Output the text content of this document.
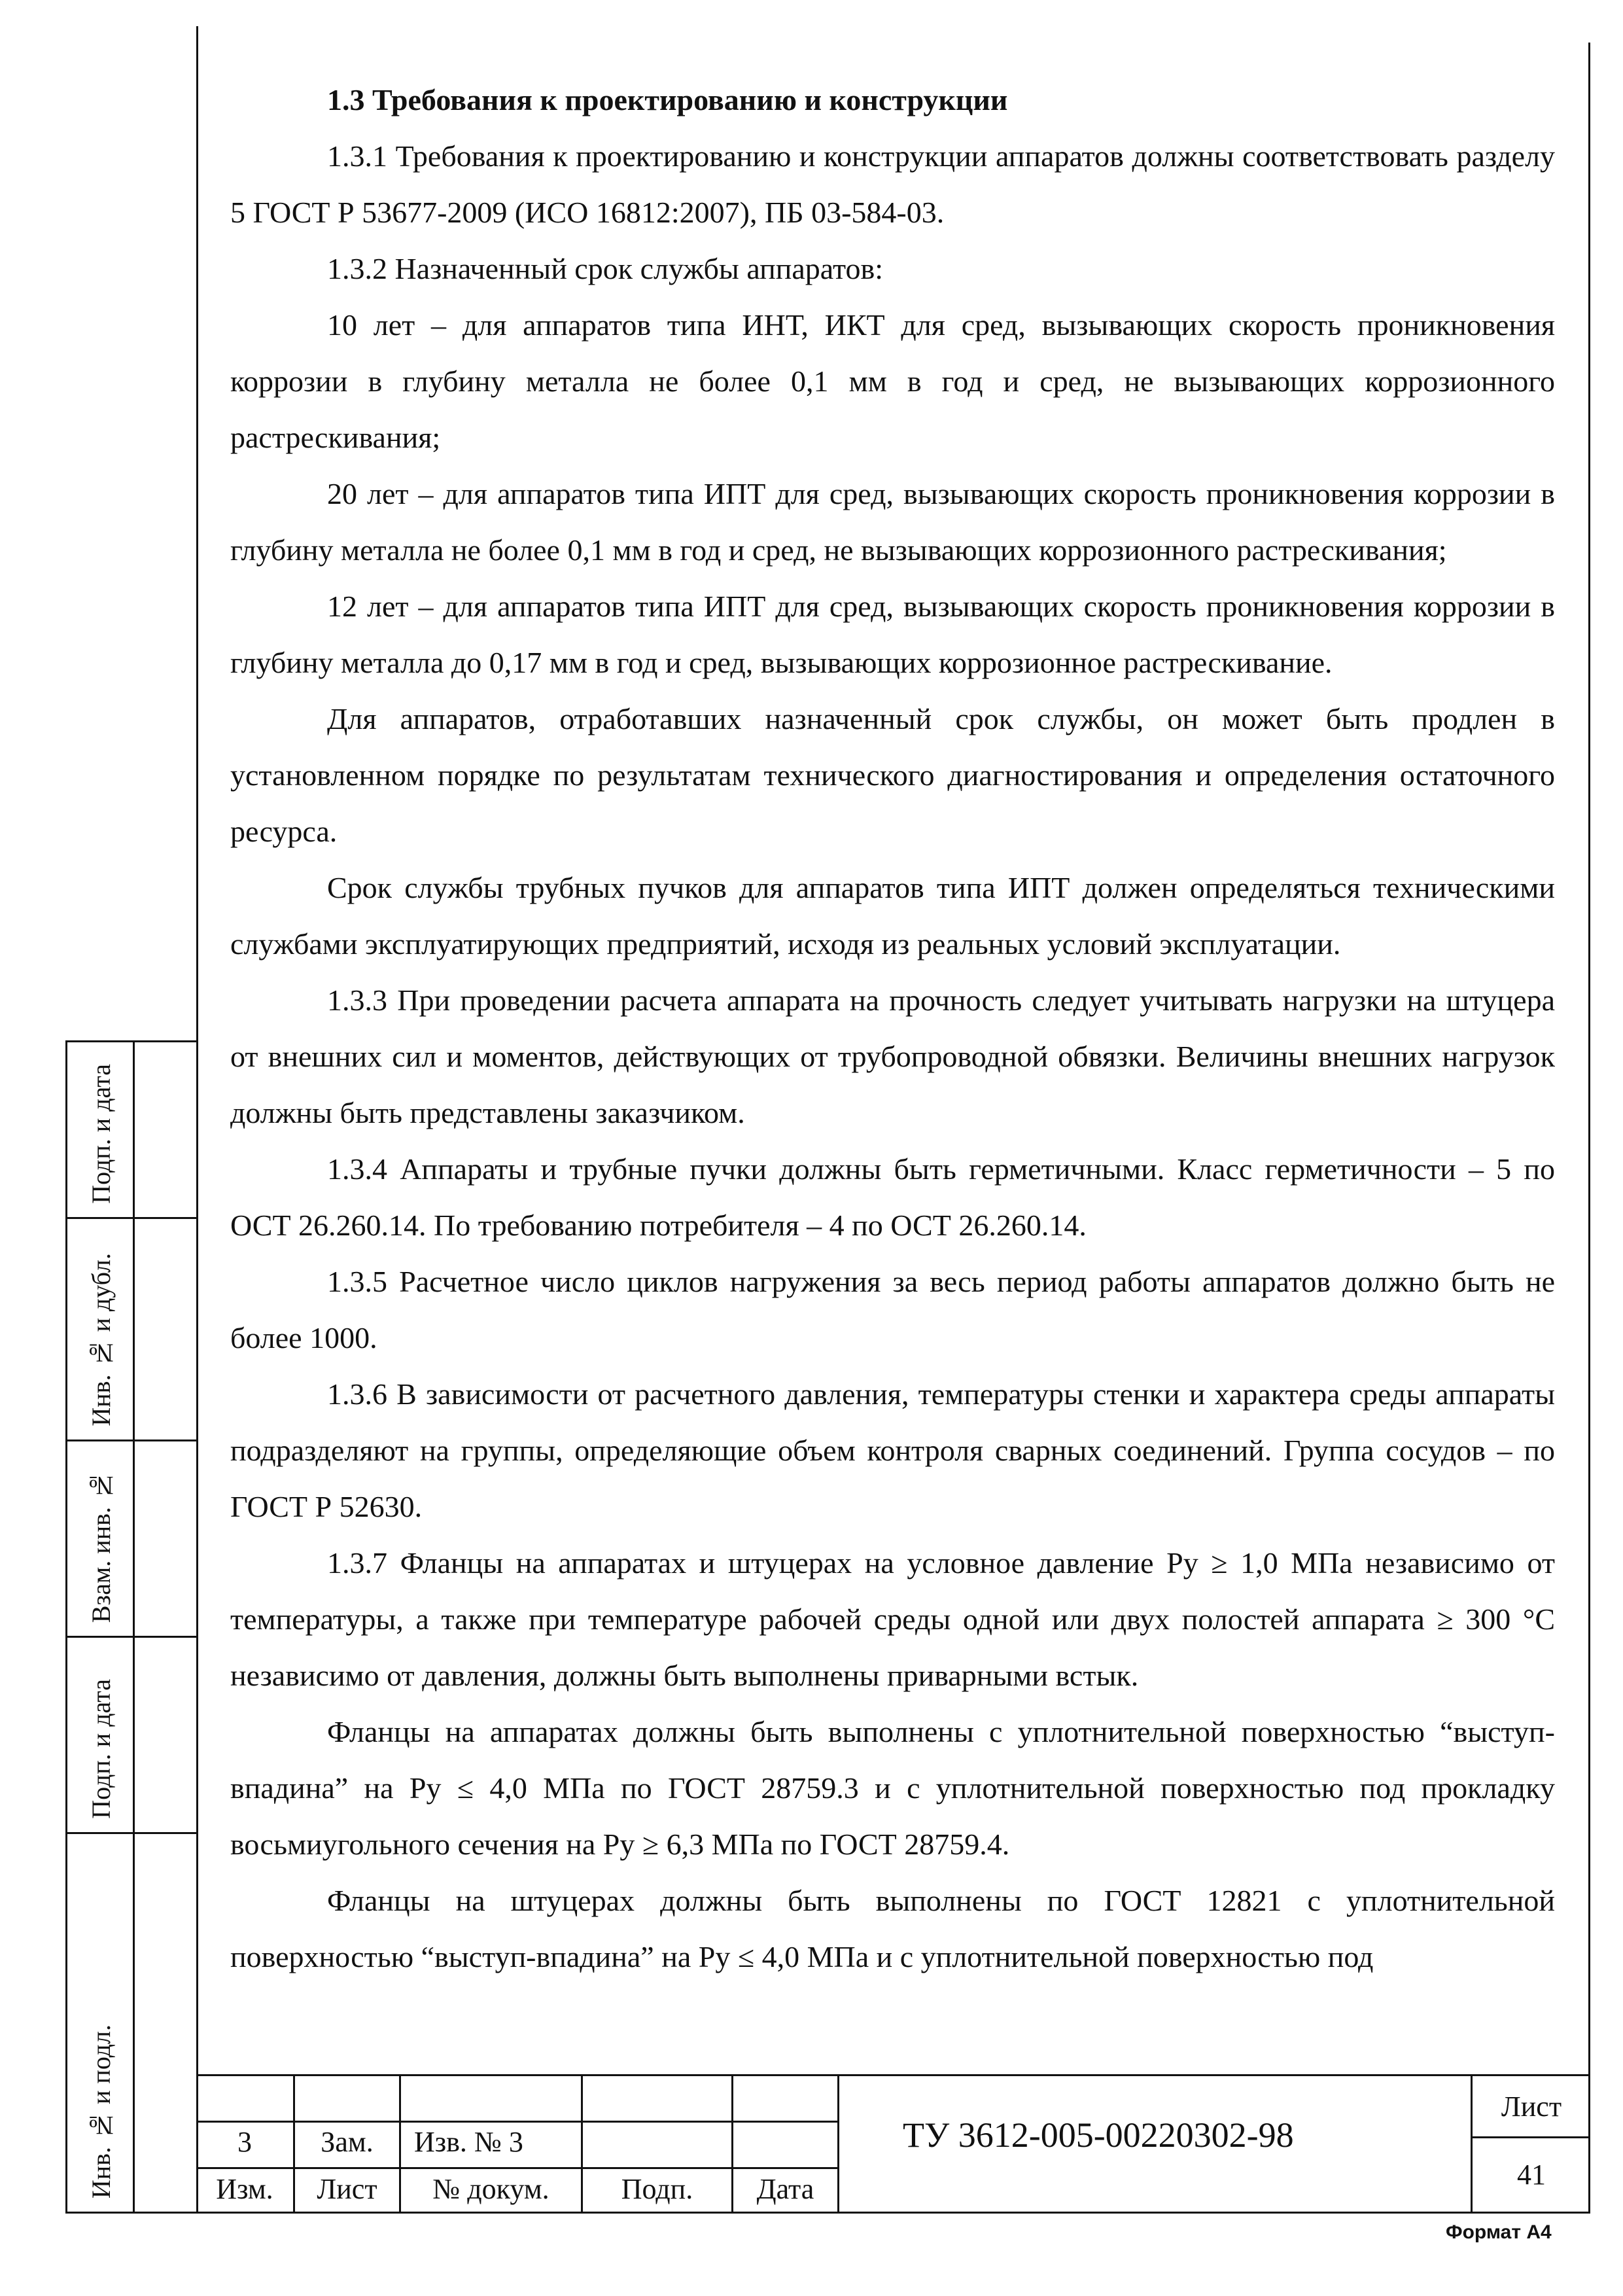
Подп. и дата
Инв. № и дубл.
Взам. инв. №
Подп. и дата
Инв. № и подл.

1.3 Требования к проектированию и конструкции

1.3.1 Требования к проектированию и конструкции аппаратов должны соответствовать разделу 5 ГОСТ Р 53677-2009 (ИСО 16812:2007), ПБ 03-584-03.

1.3.2 Назначенный срок службы аппаратов:

10 лет – для аппаратов типа ИНТ, ИКТ для сред, вызывающих скорость проникновения коррозии в глубину металла не более 0,1 мм в год и сред, не вызывающих коррозионного растрескивания;

20 лет – для аппаратов типа ИПТ для сред, вызывающих скорость проникновения коррозии в глубину металла не более 0,1 мм в год и сред, не вызывающих коррозионного растрескивания;

12 лет – для аппаратов типа ИПТ для сред, вызывающих скорость проникновения коррозии в глубину металла до 0,17 мм в год и сред, вызывающих коррозионное растрескивание.

Для аппаратов, отработавших назначенный срок службы, он может быть продлен в установленном порядке по результатам технического диагностирования и определения остаточного ресурса.

Срок службы трубных пучков для аппаратов типа ИПТ должен определяться техническими службами эксплуатирующих предприятий, исходя из реальных условий эксплуатации.

1.3.3 При проведении расчета аппарата на прочность следует учитывать нагрузки на штуцера от внешних сил и моментов, действующих от трубопроводной обвязки. Величины внешних нагрузок должны быть представлены заказчиком.

1.3.4 Аппараты и трубные пучки должны быть герметичными. Класс герметичности – 5 по ОСТ 26.260.14. По требованию потребителя – 4 по ОСТ 26.260.14.

1.3.5 Расчетное число циклов нагружения за весь период работы аппаратов должно быть не более 1000.

1.3.6 В зависимости от расчетного давления, температуры стенки и характера среды аппараты подразделяют на группы, определяющие объем контроля сварных соединений. Группа сосудов – по ГОСТ Р 52630.

1.3.7 Фланцы на аппаратах и штуцерах на условное давление Ру ≥ 1,0 МПа независимо от температуры, а также при температуре рабочей среды одной или двух полостей аппарата ≥ 300 °С независимо от давления, должны быть выполнены приварными встык.

Фланцы на аппаратах должны быть выполнены с уплотнительной поверхностью “выступ-впадина” на Ру ≤ 4,0 МПа по ГОСТ 28759.3 и с уплотнительной поверхностью под прокладку восьмиугольного сечения на Ру ≥ 6,3 МПа по ГОСТ 28759.4.

Фланцы на штуцерах должны быть выполнены по ГОСТ 12821 с уплотнительной поверхностью “выступ-впадина” на Ру ≤ 4,0 МПа и с уплотнительной поверхностью под

3	Зам.	Изв. № 3
Изм.	Лист	№ докум.	Подп.	Дата
ТУ 3612-005-00220302-98
Лист
41
Формат А4
